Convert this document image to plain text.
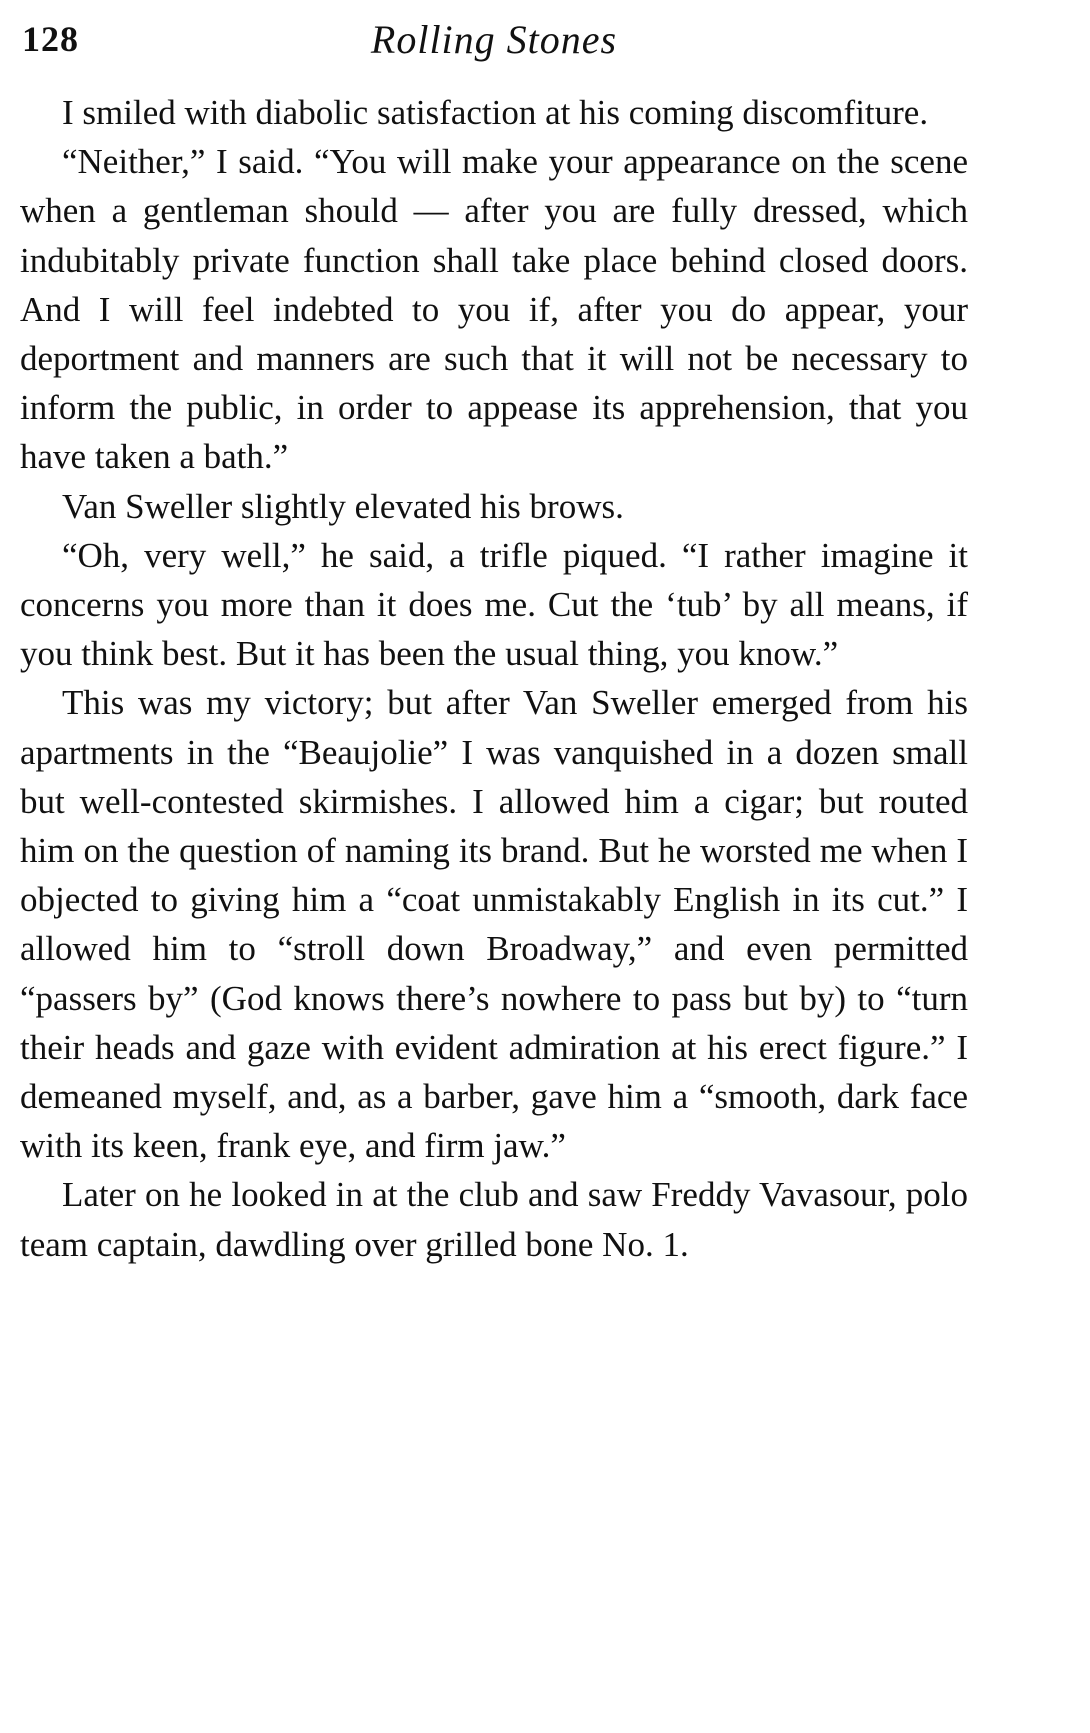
128	Rolling Stones

I smiled with diabolic satisfaction at his coming discomfiture.

“Neither,” I said. “You will make your appearance on the scene when a gentleman should — after you are fully dressed, which indubitably private function shall take place behind closed doors. And I will feel indebted to you if, after you do appear, your deportment and manners are such that it will not be necessary to inform the public, in order to appease its apprehension, that you have taken a bath.”

Van Sweller slightly elevated his brows.

“Oh, very well,” he said, a trifle piqued. “I rather imagine it concerns you more than it does me. Cut the ‘tub’ by all means, if you think best. But it has been the usual thing, you know.”

This was my victory; but after Van Sweller emerged from his apartments in the “Beaujolie” I was vanquished in a dozen small but well-contested skirmishes. I allowed him a cigar; but routed him on the question of naming its brand. But he worsted me when I objected to giving him a “coat unmistakably English in its cut.” I allowed him to “stroll down Broadway,” and even permitted “passers by” (God knows there’s nowhere to pass but by) to “turn their heads and gaze with evident admiration at his erect figure.” I demeaned myself, and, as a barber, gave him a “smooth, dark face with its keen, frank eye, and firm jaw.”

Later on he looked in at the club and saw Freddy Vavasour, polo team captain, dawdling over grilled bone No. 1.
